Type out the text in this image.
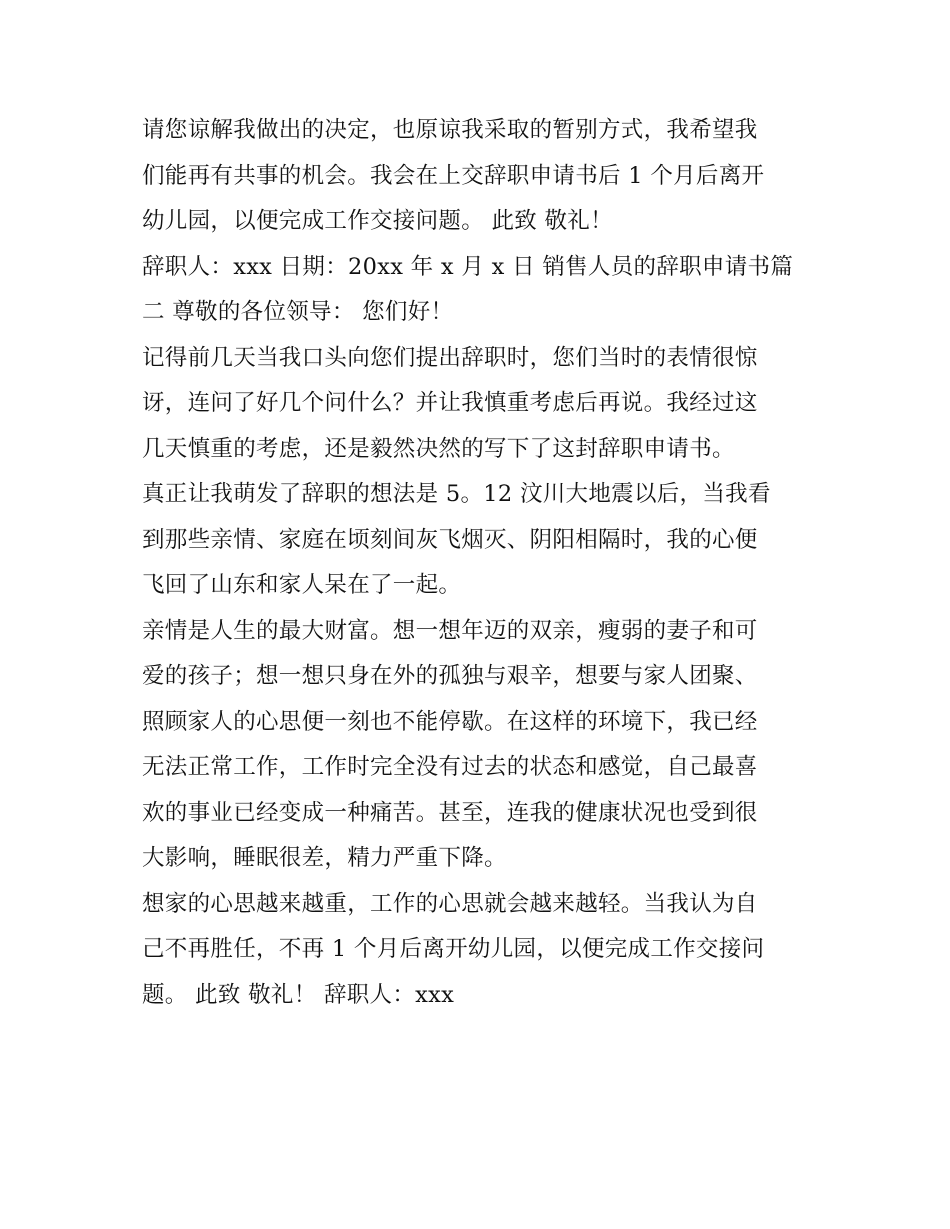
请您谅解我做出的决定，也原谅我采取的暂别方式，我希望我
们能再有共事的机会。我会在上交辞职申请书后 1 个月后离开
幼儿园，以便完成工作交接问题。 此致 敬礼！
辞职人：xxx 日期：20xx 年 x 月 x 日 销售人员的辞职申请书篇
二 尊敬的各位领导： 您们好！
记得前几天当我口头向您们提出辞职时，您们当时的表情很惊
讶，连问了好几个问什么？并让我慎重考虑后再说。我经过这
几天慎重的考虑，还是毅然决然的写下了这封辞职申请书。
真正让我萌发了辞职的想法是 5。12 汶川大地震以后，当我看
到那些亲情、家庭在顷刻间灰飞烟灭、阴阳相隔时，我的心便
飞回了山东和家人呆在了一起。
亲情是人生的最大财富。想一想年迈的双亲，瘦弱的妻子和可
爱的孩子；想一想只身在外的孤独与艰辛，想要与家人团聚、
照顾家人的心思便一刻也不能停歇。在这样的环境下，我已经
无法正常工作，工作时完全没有过去的状态和感觉，自己最喜
欢的事业已经变成一种痛苦。甚至，连我的健康状况也受到很
大影响，睡眠很差，精力严重下降。
想家的心思越来越重，工作的心思就会越来越轻。当我认为自
己不再胜任，不再 1 个月后离开幼儿园，以便完成工作交接问
题。 此致 敬礼！ 辞职人：xxx
